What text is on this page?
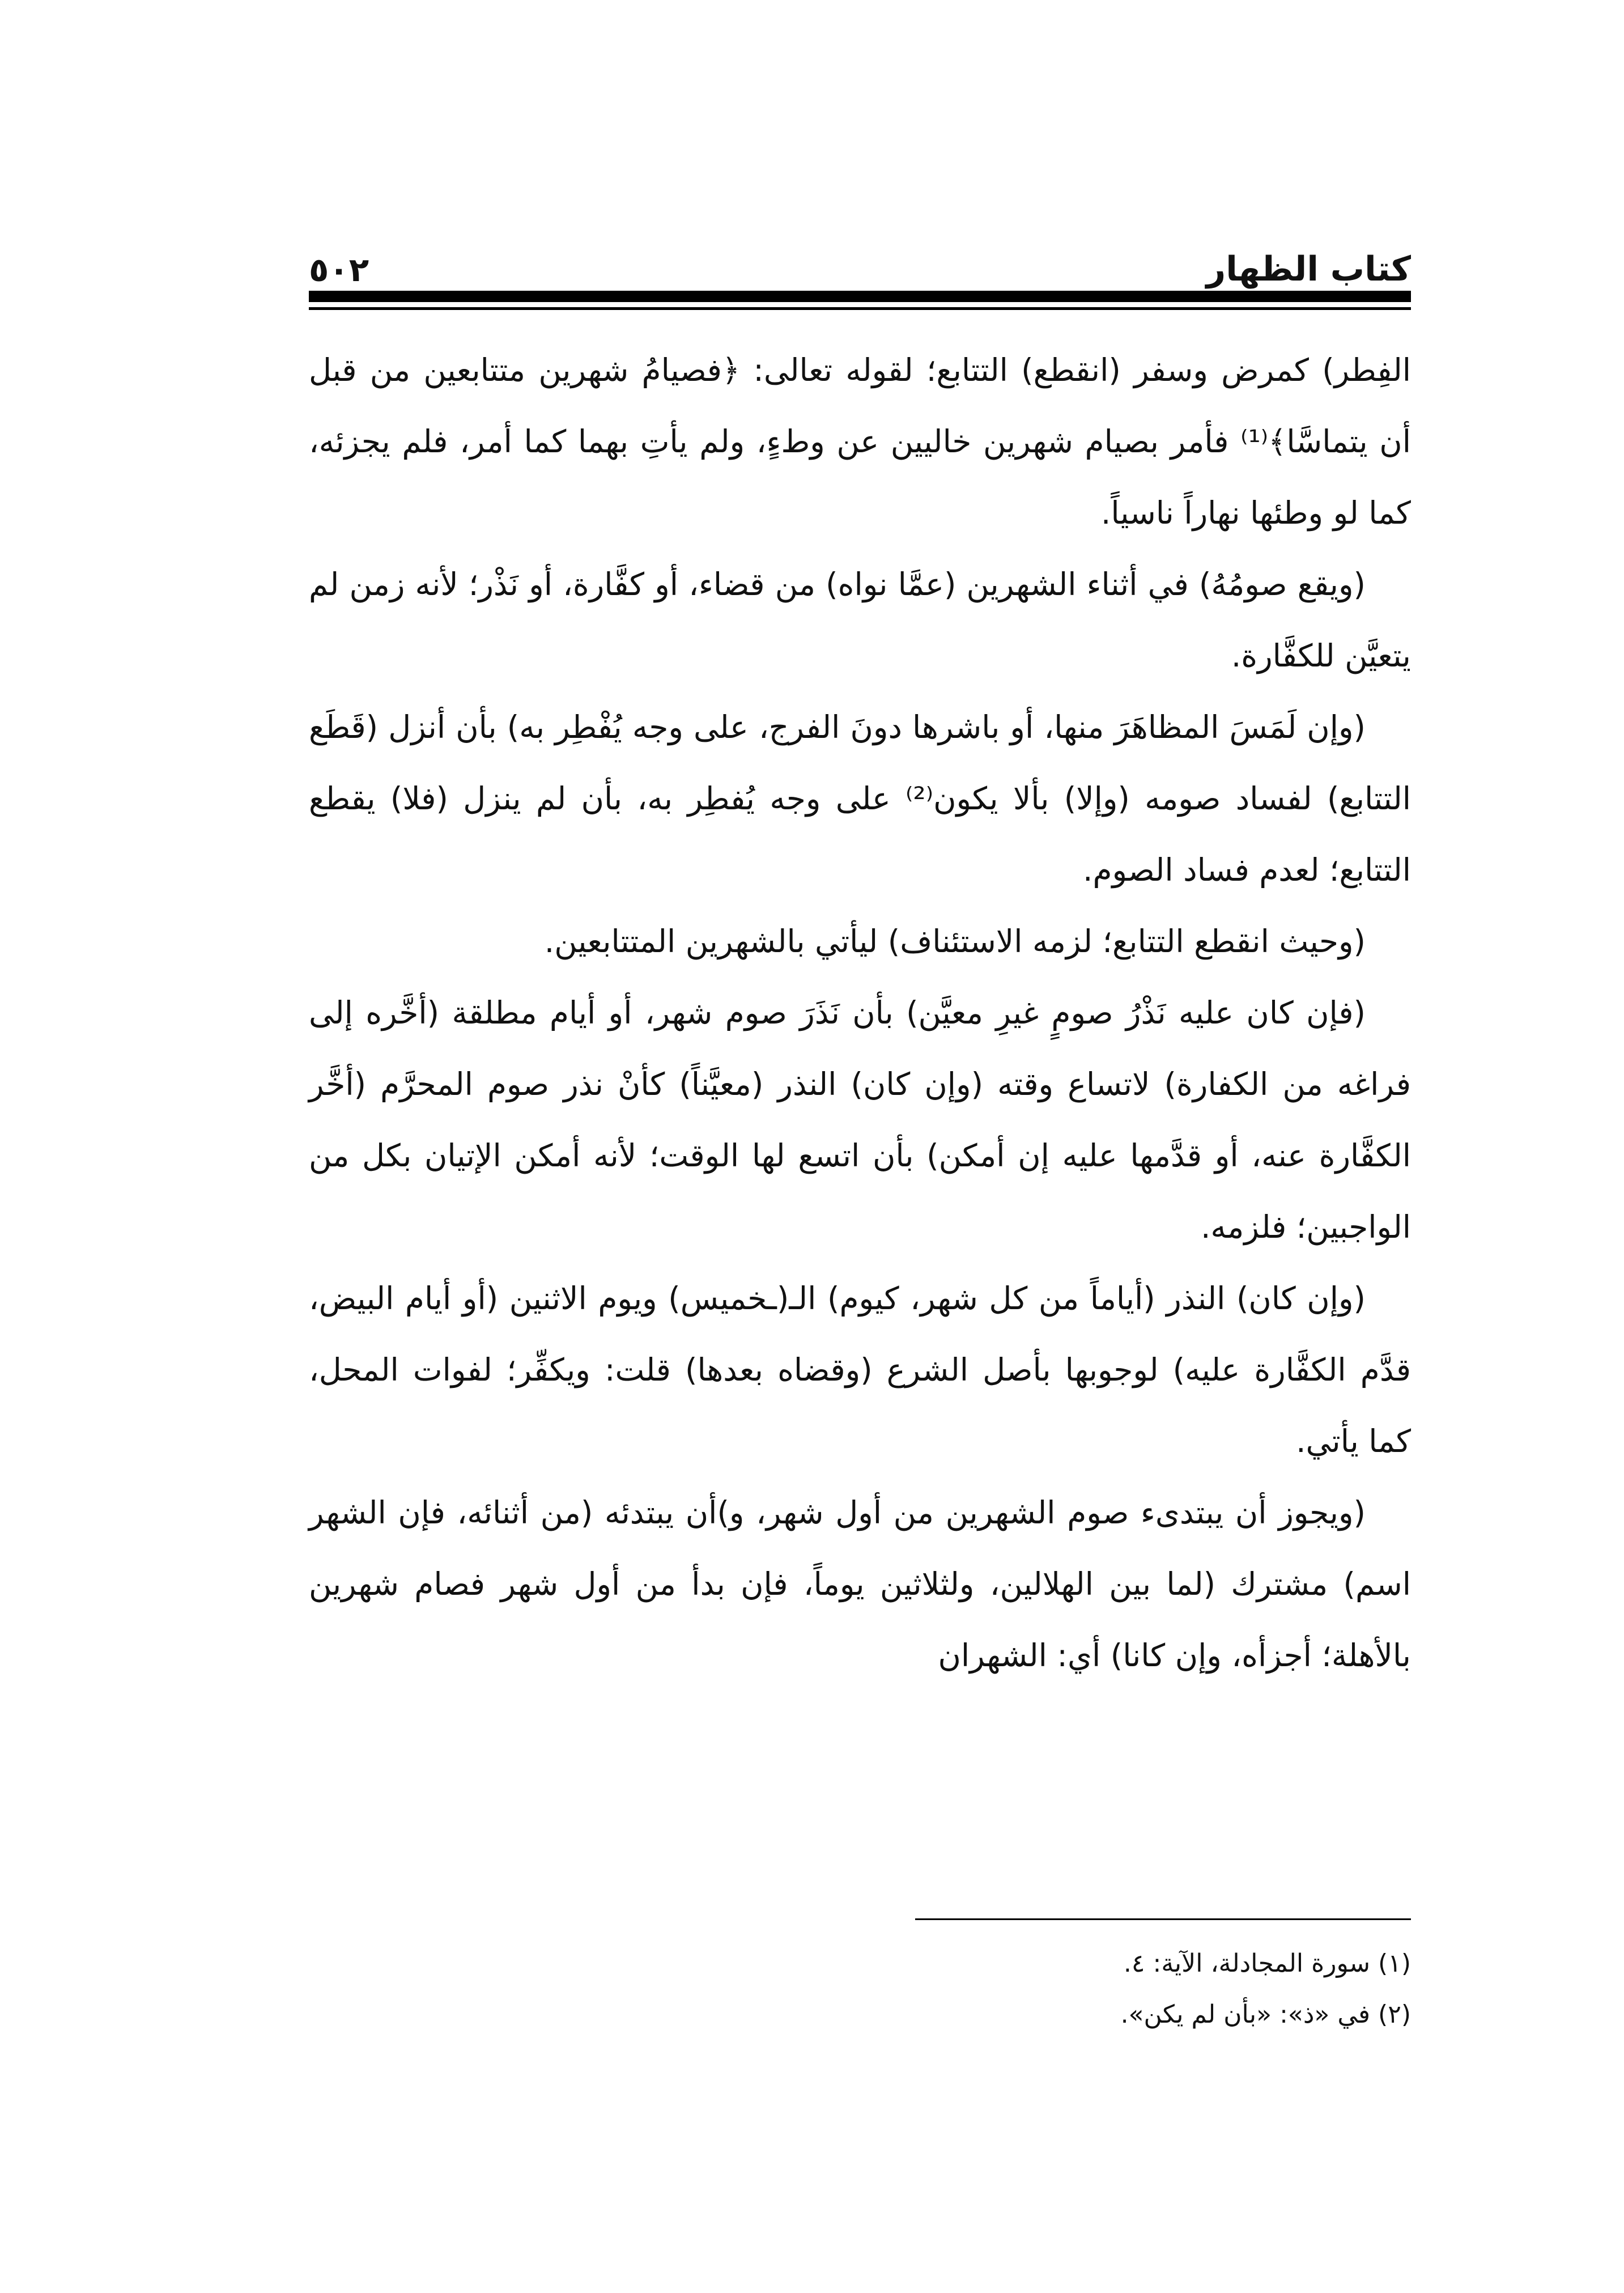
٥٠٢	كتاب الظهار

الفِطر) كمرض وسفر (انقطع) التتابع؛ لقوله تعالى: ﴿فصيامُ شهرين متتابعين من قبل أن يتماسَّا﴾⁽¹⁾ فأمر بصيام شهرين خاليين عن وطءٍ، ولم يأتِ بهما كما أمر، فلم يجزئه، كما لو وطئها نهاراً ناسياً.

(ويقع صومُهُ) في أثناء الشهرين (عمَّا نواه) من قضاء، أو كفَّارة، أو نَذْر؛ لأنه زمن لم يتعيَّن للكفَّارة.

(وإن لَمَسَ المظاهَرَ منها، أو باشرها دونَ الفرج، على وجه يُفْطِر به) بأن أنزل (قَطَع التتابع) لفساد صومه (وإلا) بألا يكون⁽²⁾ على وجه يُفطِر به، بأن لم ينزل (فلا) يقطع التتابع؛ لعدم فساد الصوم.

(وحيث انقطع التتابع؛ لزمه الاستئناف) ليأتي بالشهرين المتتابعين.

(فإن كان عليه نَذْرُ صومٍ غيرِ معيَّن) بأن نَذَرَ صوم شهر، أو أيام مطلقة (أخَّره إلى فراغه من الكفارة) لاتساع وقته (وإن كان) النذر (معيَّناً) كأنْ نذر صوم المحرَّم (أخَّر الكفَّارة عنه، أو قدَّمها عليه إن أمكن) بأن اتسع لها الوقت؛ لأنه أمكن الإتيان بكل من الواجبين؛ فلزمه.

(وإن كان) النذر (أياماً من كل شهر، كيوم) الـ(ـخميس) ويوم الاثنين (أو أيام البيض، قدَّم الكفَّارة عليه) لوجوبها بأصل الشرع (وقضاه بعدها) قلت: ويكفِّر؛ لفوات المحل، كما يأتي.

(ويجوز أن يبتدىء صوم الشهرين من أول شهر، و)أن يبتدئه (من أثنائه، فإن الشهر اسم) مشترك (لما بين الهلالين، ولثلاثين يوماً، فإن بدأ من أول شهر فصام شهرين بالأهلة؛ أجزأه، وإن كانا) أي: الشهران

(١) سورة المجادلة، الآية: ٤.

(٢) في «ذ»: «بأن لم يكن».
